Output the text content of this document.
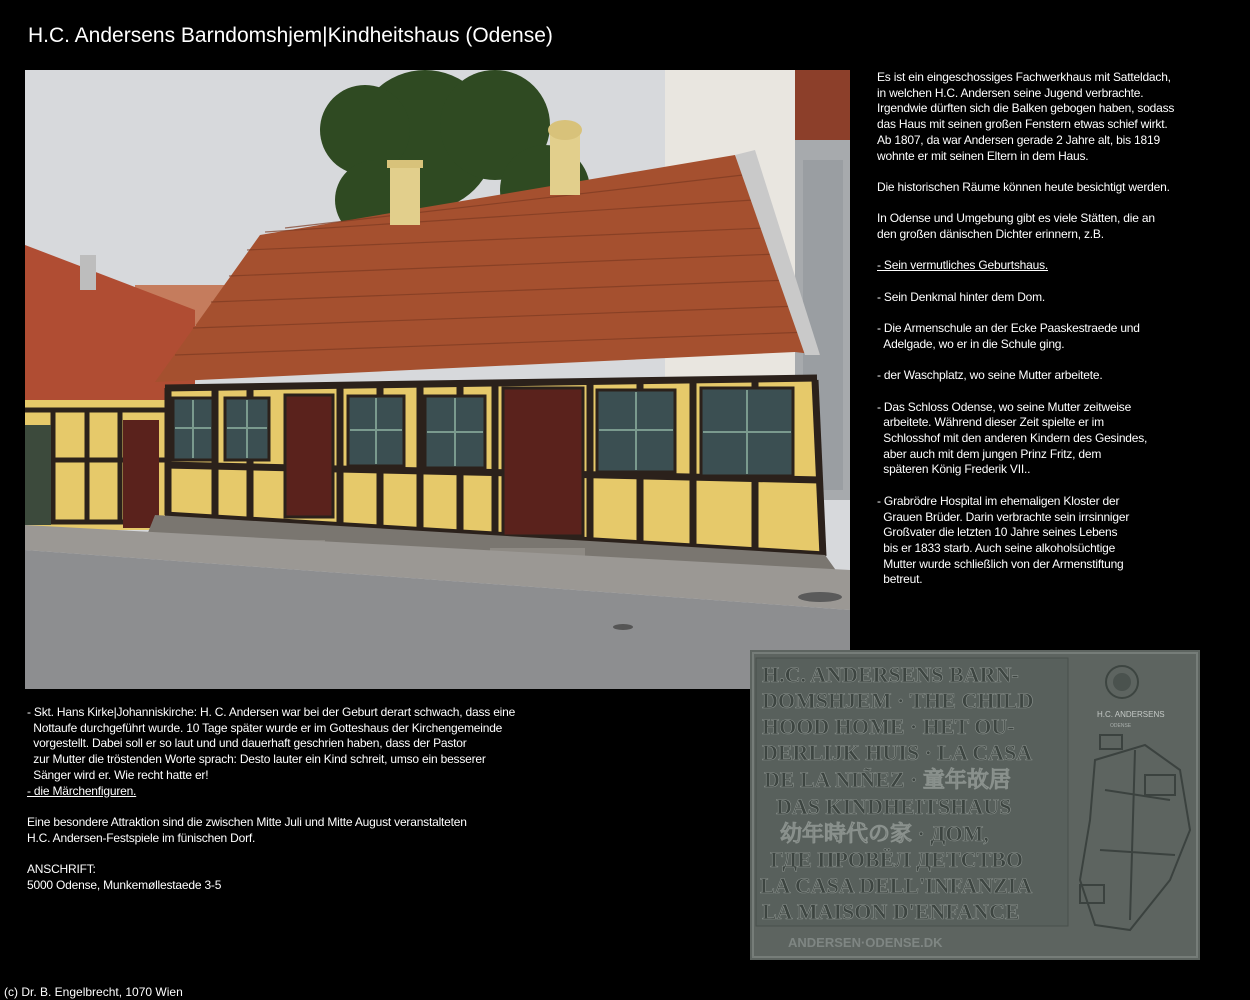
H.C. Andersens Barndomshjem|Kindheitshaus (Odense)

Es ist ein eingeschossiges Fachwerkhaus mit Satteldach,
in welchen H.C. Andersen seine Jugend verbrachte.
Irgendwie dürften sich die Balken gebogen haben, sodass
das Haus mit seinen großen Fenstern etwas schief wirkt.
Ab 1807, da war Andersen gerade 2 Jahre alt, bis 1819
wohnte er mit seinen Eltern in dem Haus.

Die historischen Räume können heute besichtigt werden.

In Odense und Umgebung gibt es viele Stätten, die an
den großen dänischen Dichter erinnern, z.B.

- Sein vermutliches Geburtshaus.

- Sein Denkmal hinter dem Dom.

- Die Armenschule an der Ecke Paaskestraede und
Adelgade, wo er in die Schule ging.

- der Waschplatz, wo seine Mutter arbeitete.

- Das Schloss Odense, wo seine Mutter zeitweise
arbeitete. Während dieser Zeit spielte er im
Schlosshof mit den anderen Kindern des Gesindes,
aber auch mit dem jungen Prinz Fritz, dem
späteren König Frederik VII..

- Grabrödre Hospital im ehemaligen Kloster der
Grauen Brüder. Darin verbrachte sein irrsinniger
Großvater die letzten 10 Jahre seines Lebens
bis er 1833 starb. Auch seine alkoholsüchtige
Mutter wurde schließlich von der Armenstiftung
betreut.

- Skt. Hans Kirke|Johanniskirche: H. C. Andersen war bei der Geburt derart schwach, dass eine
Nottaufe durchgeführt wurde. 10 Tage später wurde er im Gotteshaus der Kirchengemeinde
vorgestellt. Dabei soll er so laut und und dauerhaft geschrien haben, dass der Pastor
zur Mutter die tröstenden Worte sprach: Desto lauter ein Kind schreit, umso ein besserer
Sänger wird er. Wie recht hatte er!

- die Märchenfiguren.

Eine besondere Attraktion sind die zwischen Mitte Juli und Mitte August veranstalteten
H.C. Andersen-Festspiele im fünischen Dorf.

ANSCHRIFT:
5000 Odense, Munkemøllestaede 3-5

H.C. ANDERSENS BARN-
DOMSHJEM · THE CHILD
HOOD HOME · HET OU-
DERLIJK HUIS · LA CASA
DE LA NIÑEZ · 童年故居
DAS KINDHEITSHAUS
幼年時代の家 · ДОМ,
ГДЕ ПРОВЁЛ ДЕТСТВО
LA CASA DELL'INFANZIA
LA MAISON D'ENFANCE
H.C. ANDERSENS
ODENSE
ANDERSEN·ODENSE.DK
(c) Dr. B. Engelbrecht, 1070 Wien
